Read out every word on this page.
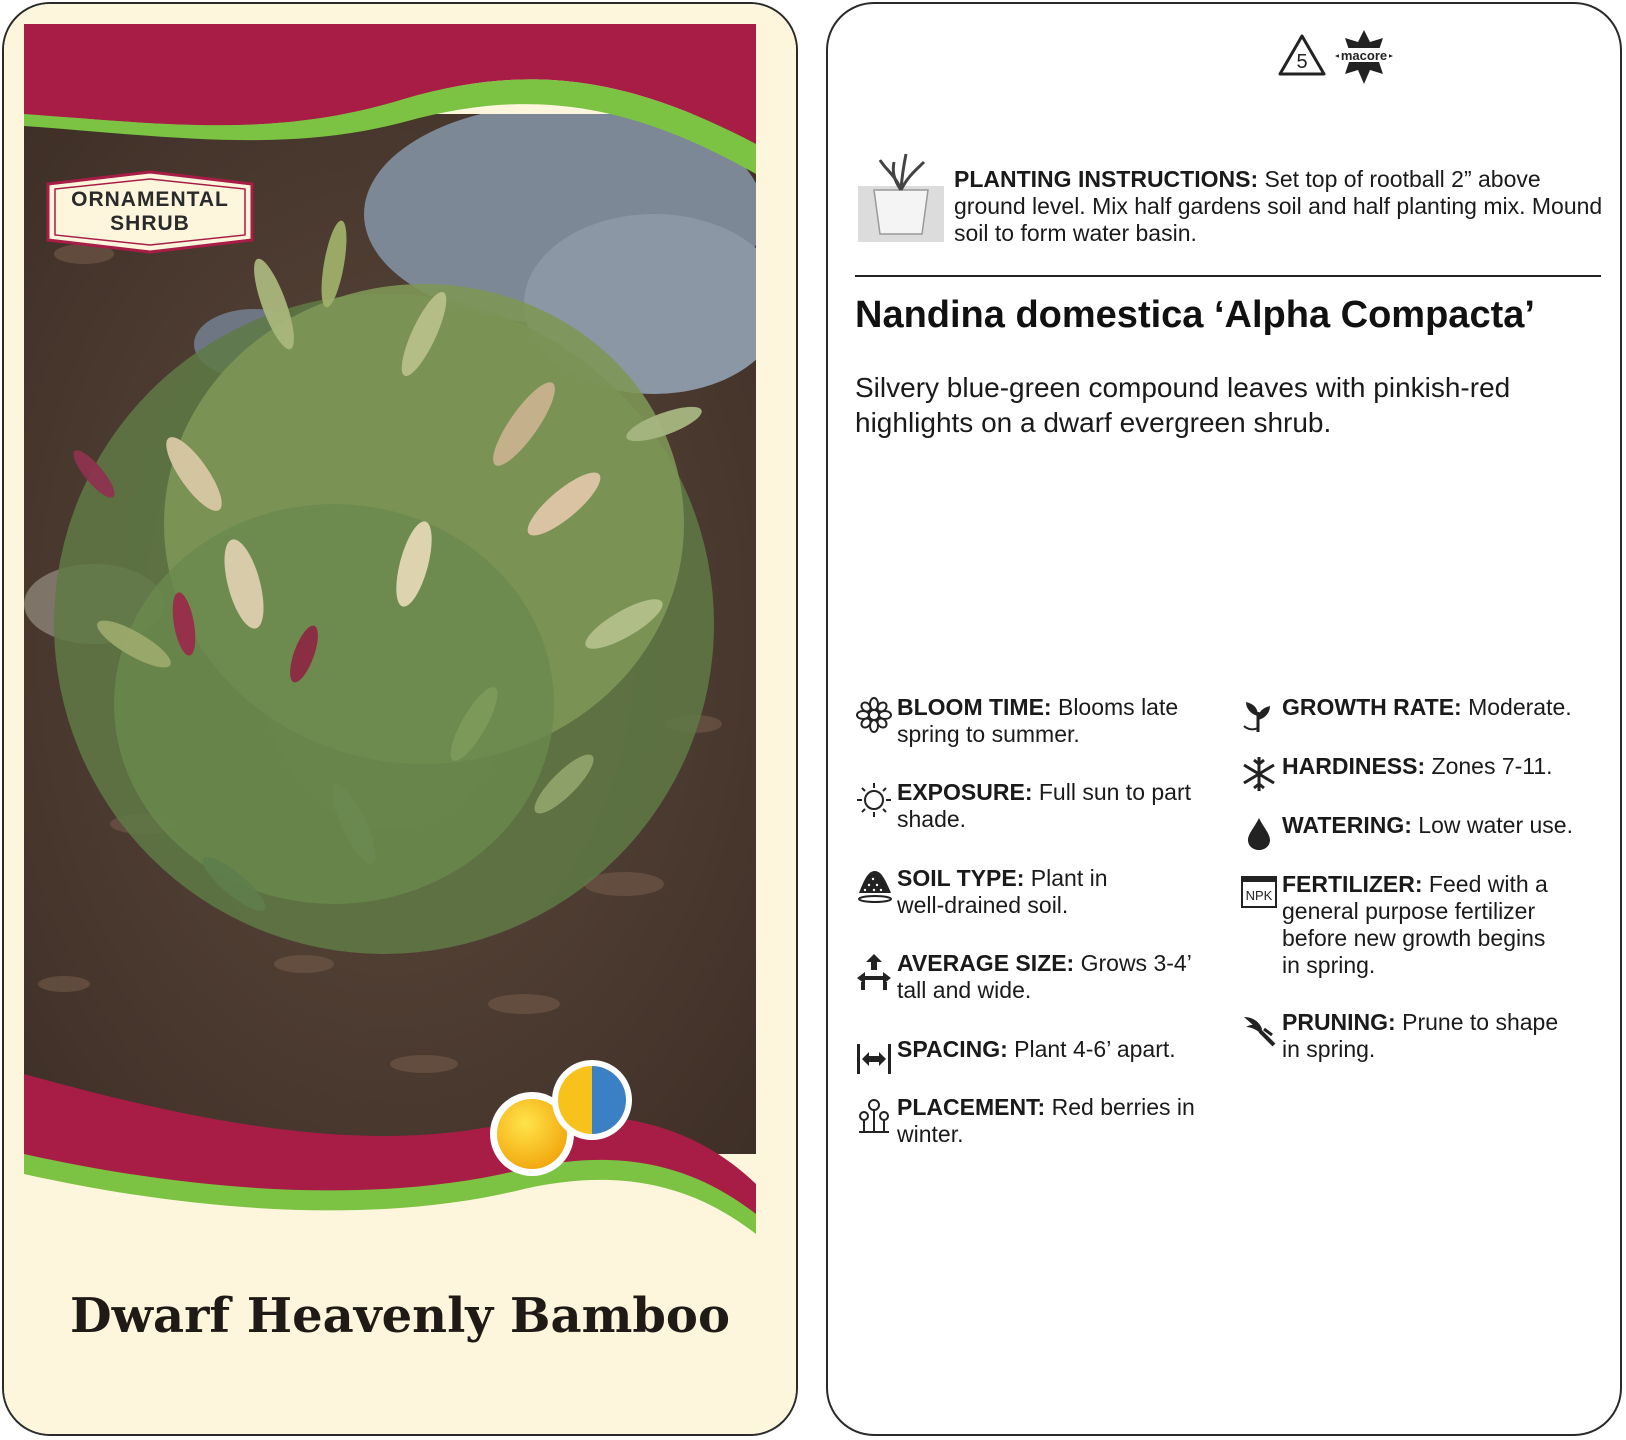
ORNAMENTAL
SHRUB
Dwarf Heavenly Bamboo
5	macore
PLANTING INSTRUCTIONS: Set top of rootball 2” above ground level. Mix half gardens soil and half planting mix. Mound soil to form water basin.
Nandina domestica ‘Alpha Compacta’
Silvery blue-green compound leaves with pinkish-red highlights on a dwarf evergreen shrub.
BLOOM TIME: Blooms late
spring to summer.
EXPOSURE: Full sun to part
shade.
SOIL TYPE: Plant in
well-drained soil.
AVERAGE SIZE: Grows 3-4’
tall and wide.
SPACING: Plant 4-6’ apart.
PLACEMENT: Red berries in
winter.
GROWTH RATE: Moderate.
HARDINESS: Zones 7-11.
WATERING: Low water use.
NPK FERTILIZER: Feed with a
general purpose fertilizer
before new growth begins
in spring.
PRUNING: Prune to shape
in spring.
